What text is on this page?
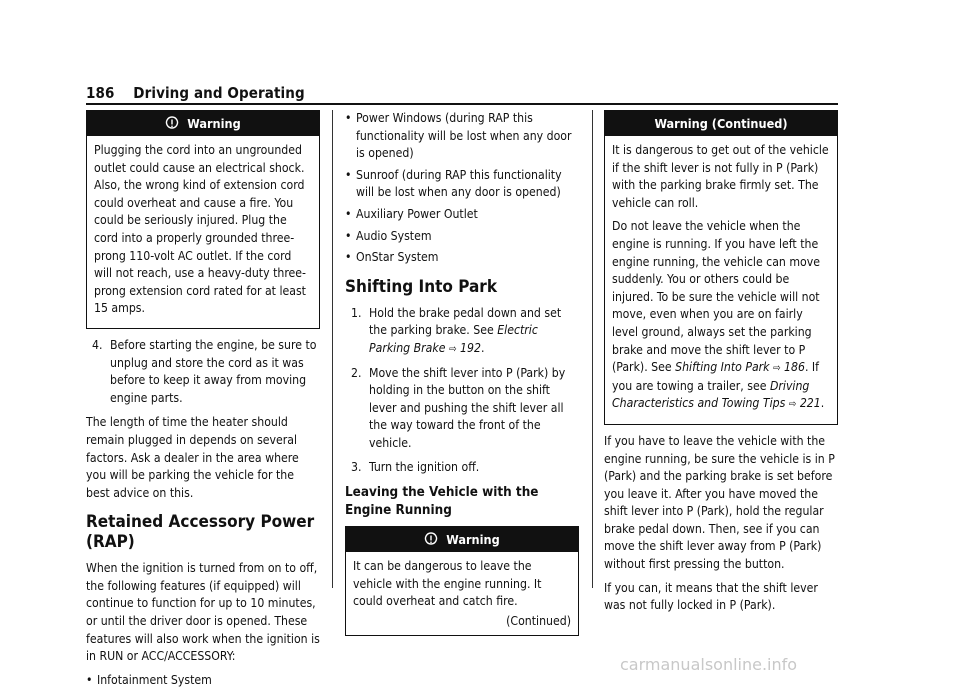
186 Driving and Operating
Warning

Plugging the cord into an ungrounded outlet could cause an electrical shock. Also, the wrong kind of extension cord could overheat and cause a fire. You could be seriously injured. Plug the cord into a properly grounded three-prong 110-volt AC outlet. If the cord will not reach, use a heavy-duty three-prong extension cord rated for at least 15 amps.

4. Before starting the engine, be sure to unplug and store the cord as it was before to keep it away from moving engine parts.

The length of time the heater should remain plugged in depends on several factors. Ask a dealer in the area where you will be parking the vehicle for the best advice on this.

Retained Accessory Power (RAP)

When the ignition is turned from on to off, the following features (if equipped) will continue to function for up to 10 minutes, or until the driver door is opened. These features will also work when the ignition is in RUN or ACC/ACCESSORY:

• Infotainment System
• Power Windows (during RAP this functionality will be lost when any door is opened)
• Sunroof (during RAP this functionality will be lost when any door is opened)
• Auxiliary Power Outlet
• Audio System
• OnStar System
Shifting Into Park
1. Hold the brake pedal down and set the parking brake. See Electric Parking Brake ⇨ 192.
2. Move the shift lever into P (Park) by holding in the button on the shift lever and pushing the shift lever all the way toward the front of the vehicle.
3. Turn the ignition off.
Leaving the Vehicle with the Engine Running
Warning

It can be dangerous to leave the vehicle with the engine running. It could overheat and catch fire.

(Continued)
Warning (Continued)

It is dangerous to get out of the vehicle if the shift lever is not fully in P (Park) with the parking brake firmly set. The vehicle can roll.

Do not leave the vehicle when the engine is running. If you have left the engine running, the vehicle can move suddenly. You or others could be injured. To be sure the vehicle will not move, even when you are on fairly level ground, always set the parking brake and move the shift lever to P (Park). See Shifting Into Park ⇨ 186. If you are towing a trailer, see Driving Characteristics and Towing Tips ⇨ 221.

If you have to leave the vehicle with the engine running, be sure the vehicle is in P (Park) and the parking brake is set before you leave it. After you have moved the shift lever into P (Park), hold the regular brake pedal down. Then, see if you can move the shift lever away from P (Park) without first pressing the button.

If you can, it means that the shift lever was not fully locked in P (Park).

carmanualsonline.info
